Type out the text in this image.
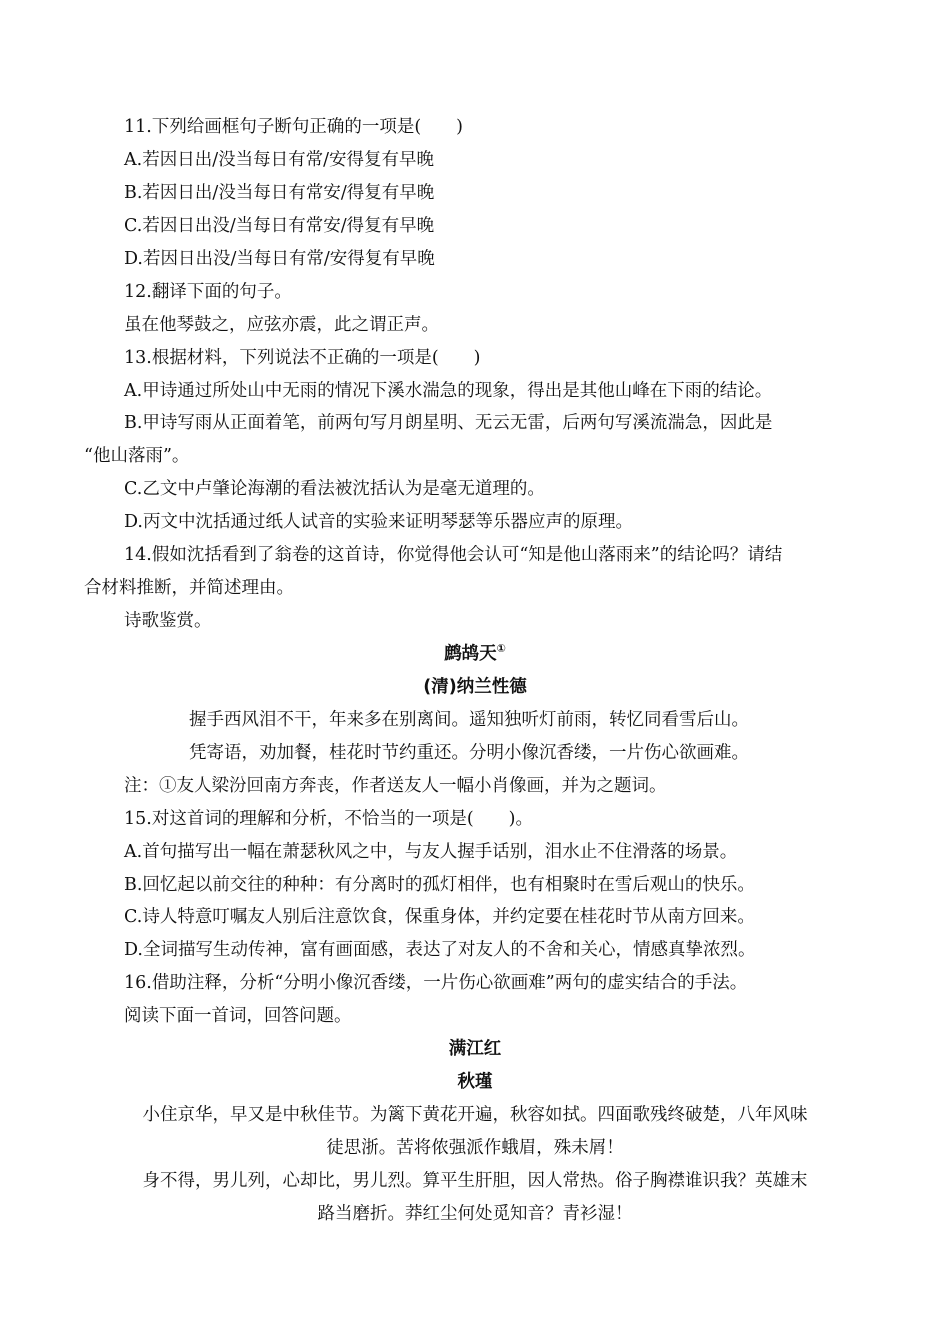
11.下列给画框句子断句正确的一项是(　　)
A.若因日出/没当每日有常/安得复有早晚
B.若因日出/没当每日有常安/得复有早晚
C.若因日出没/当每日有常安/得复有早晚
D.若因日出没/当每日有常/安得复有早晚
12.翻译下面的句子。
虽在他琴鼓之，应弦亦震，此之谓正声。
13.根据材料，下列说法不正确的一项是(　　)
A.甲诗通过所处山中无雨的情况下溪水湍急的现象，得出是其他山峰在下雨的结论。
B.甲诗写雨从正面着笔，前两句写月朗星明、无云无雷，后两句写溪流湍急，因此是
“他山落雨”。
C.乙文中卢肇论海潮的看法被沈括认为是毫无道理的。
D.丙文中沈括通过纸人试音的实验来证明琴瑟等乐器应声的原理。
14.假如沈括看到了翁卷的这首诗，你觉得他会认可“知是他山落雨来”的结论吗？请结
合材料推断，并简述理由。
诗歌鉴赏。
鹧鸪天①
(清)纳兰性德
握手西风泪不干，年来多在别离间。遥知独听灯前雨，转忆同看雪后山。
凭寄语，劝加餐，桂花时节约重还。分明小像沉香缕，一片伤心欲画难。
注：①友人梁汾回南方奔丧，作者送友人一幅小肖像画，并为之题词。
15.对这首词的理解和分析，不恰当的一项是(　　)。
A.首句描写出一幅在萧瑟秋风之中，与友人握手话别，泪水止不住滑落的场景。
B.回忆起以前交往的种种：有分离时的孤灯相伴，也有相聚时在雪后观山的快乐。
C.诗人特意叮嘱友人别后注意饮食，保重身体，并约定要在桂花时节从南方回来。
D.全词描写生动传神，富有画面感，表达了对友人的不舍和关心，情感真挚浓烈。
16.借助注释，分析“分明小像沉香缕，一片伤心欲画难”两句的虚实结合的手法。
阅读下面一首词，回答问题。
满江红
秋瑾
小住京华，早又是中秋佳节。为篱下黄花开遍，秋容如拭。四面歌残终破楚，八年风味
徒思浙。苦将侬强派作蛾眉，殊未屑！
身不得，男儿列，心却比，男儿烈。算平生肝胆，因人常热。俗子胸襟谁识我？英雄末
路当磨折。莽红尘何处觅知音？青衫湿！
